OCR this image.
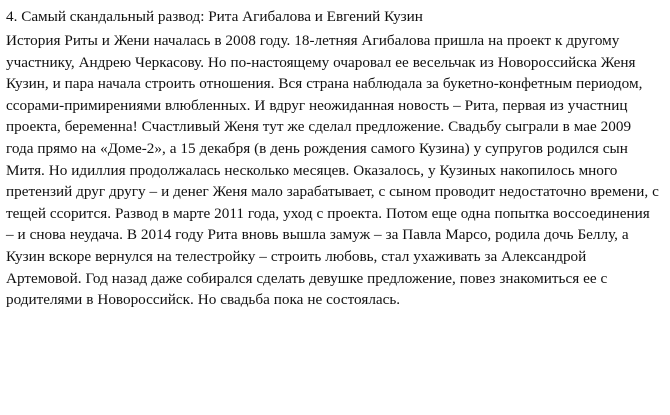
4. Самый скандальный развод: Рита Агибалова и Евгений Кузин

История Риты и Жени началась в 2008 году. 18-летняя Агибалова пришла на проект к другому участнику, Андрею Черкасову. Но по-настоящему очаровал ее весельчак из Новороссийска Женя Кузин, и пара начала строить отношения. Вся страна наблюдала за букетно-конфетным периодом, ссорами-примирениями влюбленных. И вдруг неожиданная новость – Рита, первая из участниц проекта, беременна! Счастливый Женя тут же сделал предложение. Свадьбу сыграли в мае 2009 года прямо на «Доме-2», а 15 декабря (в день рождения самого Кузина) у супругов родился сын Митя. Но идиллия продолжалась несколько месяцев. Оказалось, у Кузиных накопилось много претензий друг другу – и денег Женя мало зарабатывает, с сыном проводит недостаточно времени, с тещей ссорится. Развод в марте 2011 года, уход с проекта. Потом еще одна попытка воссоединения – и снова неудача. В 2014 году Рита вновь вышла замуж – за Павла Марсо, родила дочь Беллу, а Кузин вскоре вернулся на телестройку – строить любовь, стал ухаживать за Александрой Артемовой. Год назад даже собирался сделать девушке предложение, повез знакомиться ее с родителями в Новороссийск. Но свадьба пока не состоялась.
